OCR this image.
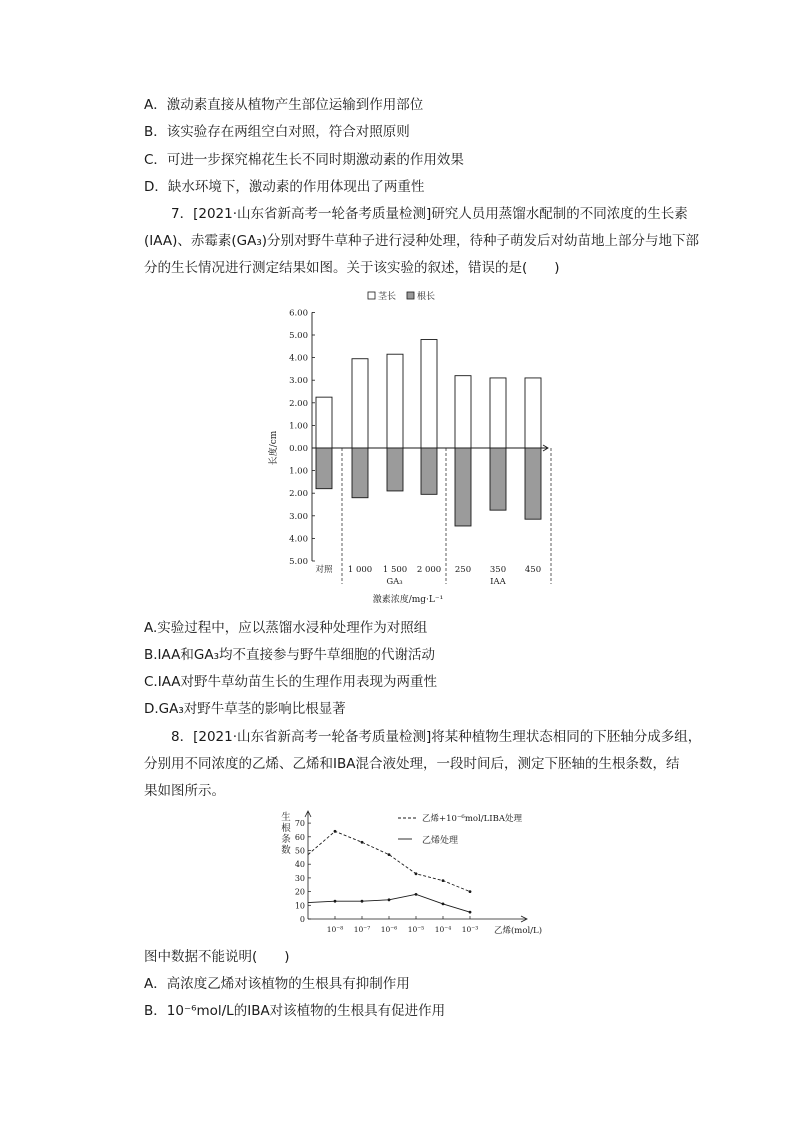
A．激动素直接从植物产生部位运输到作用部位
B．该实验存在两组空白对照，符合对照原则
C．可进一步探究棉花生长不同时期激动素的作用效果
D．缺水环境下，激动素的作用体现出了两重性
7．[2021·山东省新高考一轮备考质量检测]研究人员用蒸馏水配制的不同浓度的生长素
(IAA)、赤霉素(GA₃)分别对野牛草种子进行浸种处理，待种子萌发后对幼苗地上部分与地下部
分的生长情况进行测定结果如图。关于该实验的叙述，错误的是(　　)
茎长 根长
6.00
5.00
4.00
3.00
2.00
1.00
0.00
1.00
2.00
3.00
4.00
5.00
长度/cm
对照 1 000 1 500 2 000 250 350 450
GA₃	IAA
激素浓度/mg·L⁻¹
A.实验过程中，应以蒸馏水浸种处理作为对照组
B.IAA和GA₃均不直接参与野牛草细胞的代谢活动
C.IAA对野牛草幼苗生长的生理作用表现为两重性
D.GA₃对野牛草茎的影响比根显著
8．[2021·山东省新高考一轮备考质量检测]将某种植物生理状态相同的下胚轴分成多组，
分别用不同浓度的乙烯、乙烯和IBA混合液处理，一段时间后，测定下胚轴的生根条数，结
果如图所示。
0
10
20
30
40
50
60
70
生
根
条
数
10⁻⁸ 10⁻⁷ 10⁻⁶ 10⁻⁵ 10⁻⁴ 10⁻³ 乙烯(mol/L)
乙烯+10⁻⁶mol/LIBA处理
乙烯处理
图中数据不能说明(　　)
A．高浓度乙烯对该植物的生根具有抑制作用
B．10⁻⁶mol/L的IBA对该植物的生根具有促进作用
